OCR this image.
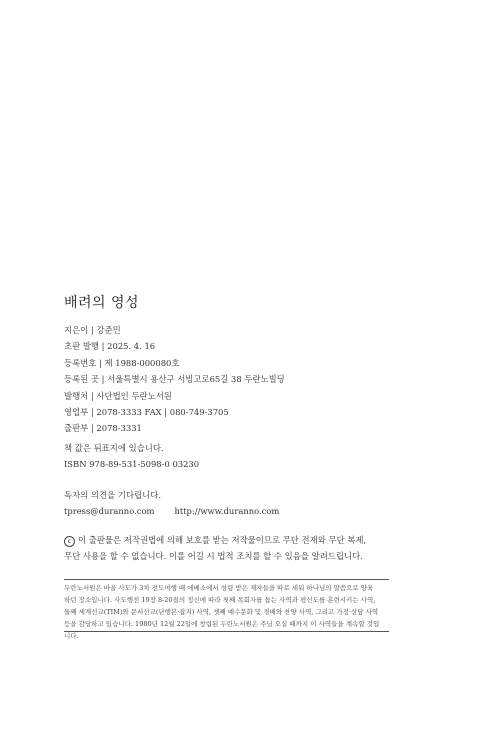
배려의 영성
지은이 | 강준민
초판 발행 | 2025. 4. 16
등록번호 | 제 1988-000080호
등록된 곳 | 서울특별시 용산구 서빙고로65길 38 두란노빌딩
발행처 | 사단법인 두란노서원
영업부 | 2078-3333 FAX | 080-749-3705
출판부 | 2078-3331
책 값은 뒤표지에 있습니다.
ISBN 978-89-531-5098-0 03230
독자의 의견을 기다립니다.
tpress@duranno.com http://www.duranno.com
c 이 출판물은 저작권법에 의해 보호를 받는 저작물이므로 무단 전재와 무단 복제,
무단 사용을 할 수 없습니다. 이를 어길 시 법적 조치를 할 수 있음을 알려드립니다.
두란노서원은 바울 사도가 3차 전도여행 때 에베소에서 성령 받은 제자들을 따로 세워 하나님의 말씀으로 양육
하던 장소입니다. 사도행전 19장 8-20절의 정신에 따라 첫째 목회자를 돕는 사역과 평신도를 훈련시키는 사역,
둘째 세계선교(TIM)와 문서선교(단행본·잡지) 사역, 셋째 예수문화 및 경배와 찬양 사역, 그리고 가정·상담 사역
등을 감당하고 있습니다. 1980년 12월 22일에 창립된 두란노서원은 주님 오실 때까지 이 사역들을 계속할 것입
니다.
